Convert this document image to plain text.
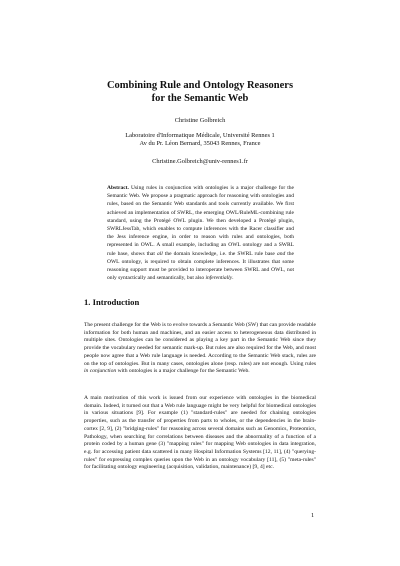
Combining Rule and Ontology Reasoners
for the Semantic Web
Christine Golbreich
Laboratoire d'Informatique Médicale, Université Rennes 1
Av du Pr. Léon Bernard, 35043 Rennes, France
Christine.Golbreich@univ-rennes1.fr

Abstract. Using rules in conjunction with ontologies is a major challenge for the Semantic Web. We propose a pragmatic approach for reasoning with ontologies and rules, based on the Semantic Web standards and tools currently available. We first achieved an implementation of SWRL, the emerging OWL/RuleML-combining rule standard, using the Protégé OWL plugin. We then developed a Protégé plugin, SWRLJessTab, which enables to compute inferences with the Racer classifier and the Jess inference engine, in order to reason with rules and ontologies, both represented in OWL. A small example, including an OWL ontology and a SWRL rule base, shows that all the domain knowledge, i.e. the SWRL rule base and the OWL ontology, is required to obtain complete inferences. It illustrates that some reasoning support must be provided to interoperate between SWRL and OWL, not only syntactically and semantically, but also inferentially.

1. Introduction

The present challenge for the Web is to evolve towards a Semantic Web (SW) that can provide readable information for both human and machines, and an easier access to heterogeneous data distributed in multiple sites. Ontologies can be considered as playing a key part in the Semantic Web since they provide the vocabulary needed for semantic mark-up. But rules are also required for the Web, and most people now agree that a Web rule language is needed. According to the Semantic Web stack, rules are on the top of ontologies. But in many cases, ontologies alone (resp. rules) are not enough. Using rules in conjunction with ontologies is a major challenge for the Semantic Web.

A main motivation of this work is issued from our experience with ontologies in the biomedical domain. Indeed, it turned out that a Web rule language might be very helpful for biomedical ontologies in various situations [9]. For example (1) "standard-rules" are needed for chaining ontologies properties, such as the transfer of properties from parts to wholes, or the dependencies in the brain-cortex [2, 9], (2) "bridging-rules" for reasoning across several domains such as Genomics, Proteomics, Pathology, when searching for correlations between diseases and the abnormality of a function of a protein coded by a human gene (3) "mapping rules" for mapping Web ontologies in data integration, e.g. for accessing patient data scattered in many Hospital Information Systems [12, 11], (4) "querying-rules" for expressing complex queries upon the Web in an ontology vocabulary [11], (5) "meta-rules" for facilitating ontology engineering (acquisition, validation, maintenance) [9, 4] etc.

1
